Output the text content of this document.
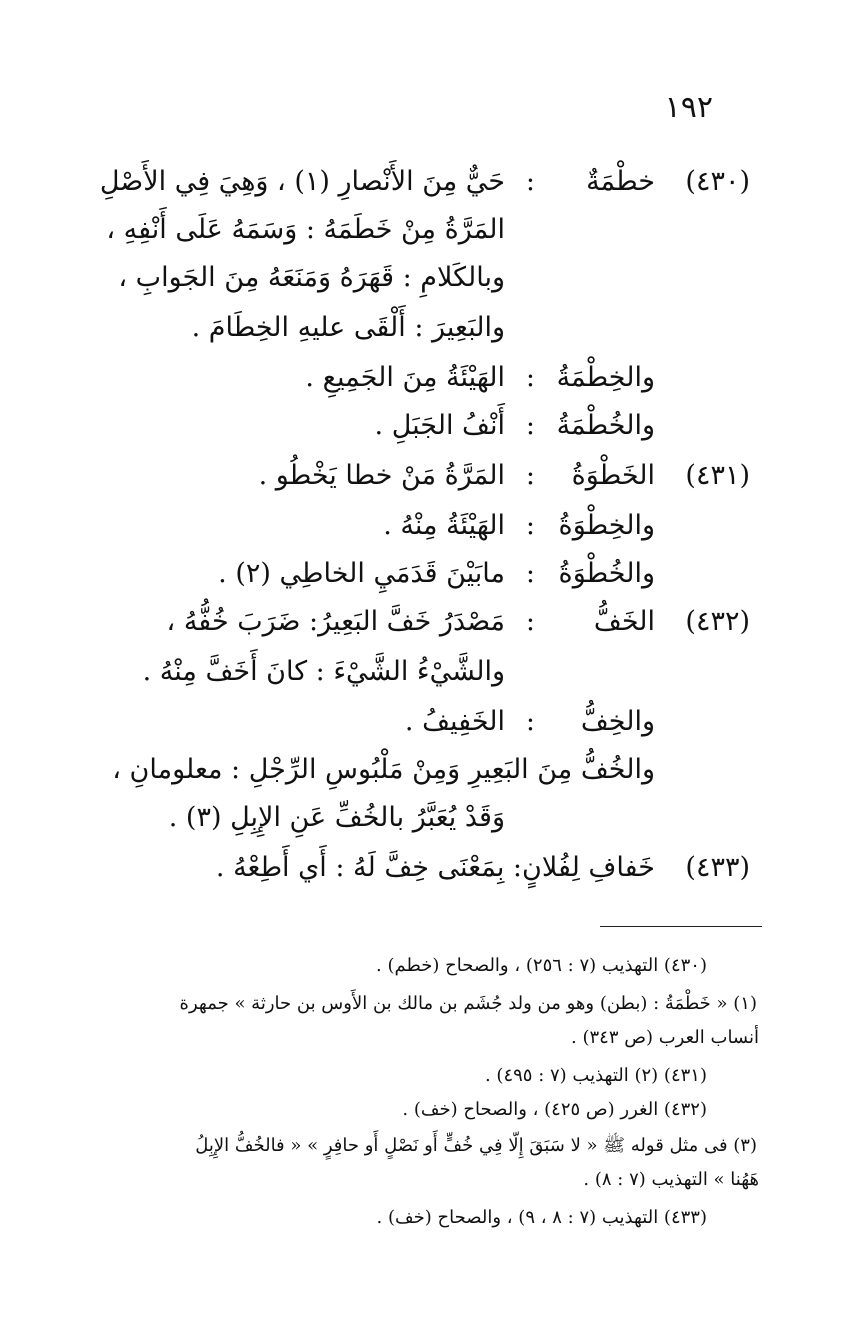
١٩٢
(٤٣٠)
خطْمَةٌ
:
حَيٌّ مِنَ الأَنْصارِ (١) ، وَهِيَ فِي الأَصْلِ
المَرَّةُ مِنْ خَطَمَهُ : وَسَمَهُ عَلَى أَنْفِهِ ،
وبالكَلامِ : قَهَرَهُ وَمَنَعَهُ مِنَ الجَوابِ ،
والبَعِيرَ : أَلْقَى عليهِ الخِطَامَ .
والخِطْمَةُ
:
الهَيْئَةُ مِنَ الجَمِيعِ .
والخُطْمَةُ
:
أَنْفُ الجَبَلِ .
(٤٣١)
الخَطْوَةُ
:
المَرَّةُ مَنْ خطا يَخْطُو .
والخِطْوَةُ
:
الهَيْئَةُ مِنْهُ .
والخُطْوَةُ
:
مابَيْنَ قَدَمَيِ الخاطِي (٢) .
(٤٣٢)
الخَفُّ
:
مَصْدَرُ خَفَّ البَعِيرُ: ضَرَبَ خُفُّهُ ،
والشَّيْءُ الشَّيْءَ : كانَ أَخَفَّ مِنْهُ .
والخِفُّ
:
الخَفِيفُ .
والخُفُّ مِنَ البَعِيرِ وَمِنْ مَلْبُوسِ الرِّجْلِ : معلومانِ ،
وَقَدْ يُعَبَّرُ بالخُفِّ عَنِ الإِبِلِ (٣) .
(٤٣٣)
خَفافِ لِفُلانٍ: بِمَعْنَى خِفَّ لَهُ : أَي أَطِعْهُ .
(٤٣٠) التهذيب (٧ : ٢٥٦) ، والصحاح (خطم) .
(١) « خَطْمَةُ : (بطن) وهو من ولد جُشَم بن مالك بن الأَوس بن حارثة » جمهرة
أنساب العرب (ص ٣٤٣) .
(٤٣١) (٢) التهذيب (٧ : ٤٩٥) .
(٤٣٢) الغرر (ص ٤٢٥) ، والصحاح (خف) .
(٣) فى مثل قوله ﷺ « لا سَبَقَ إِلّا فِي خُفٍّ أَو نَصْلٍ أَو حافِرٍ » « فالخُفُّ الإِبِلُ
هَهُنا » التهذيب (٧ : ٨) .
(٤٣٣) التهذيب (٧ : ٨ ، ٩) ، والصحاح (خف) .
